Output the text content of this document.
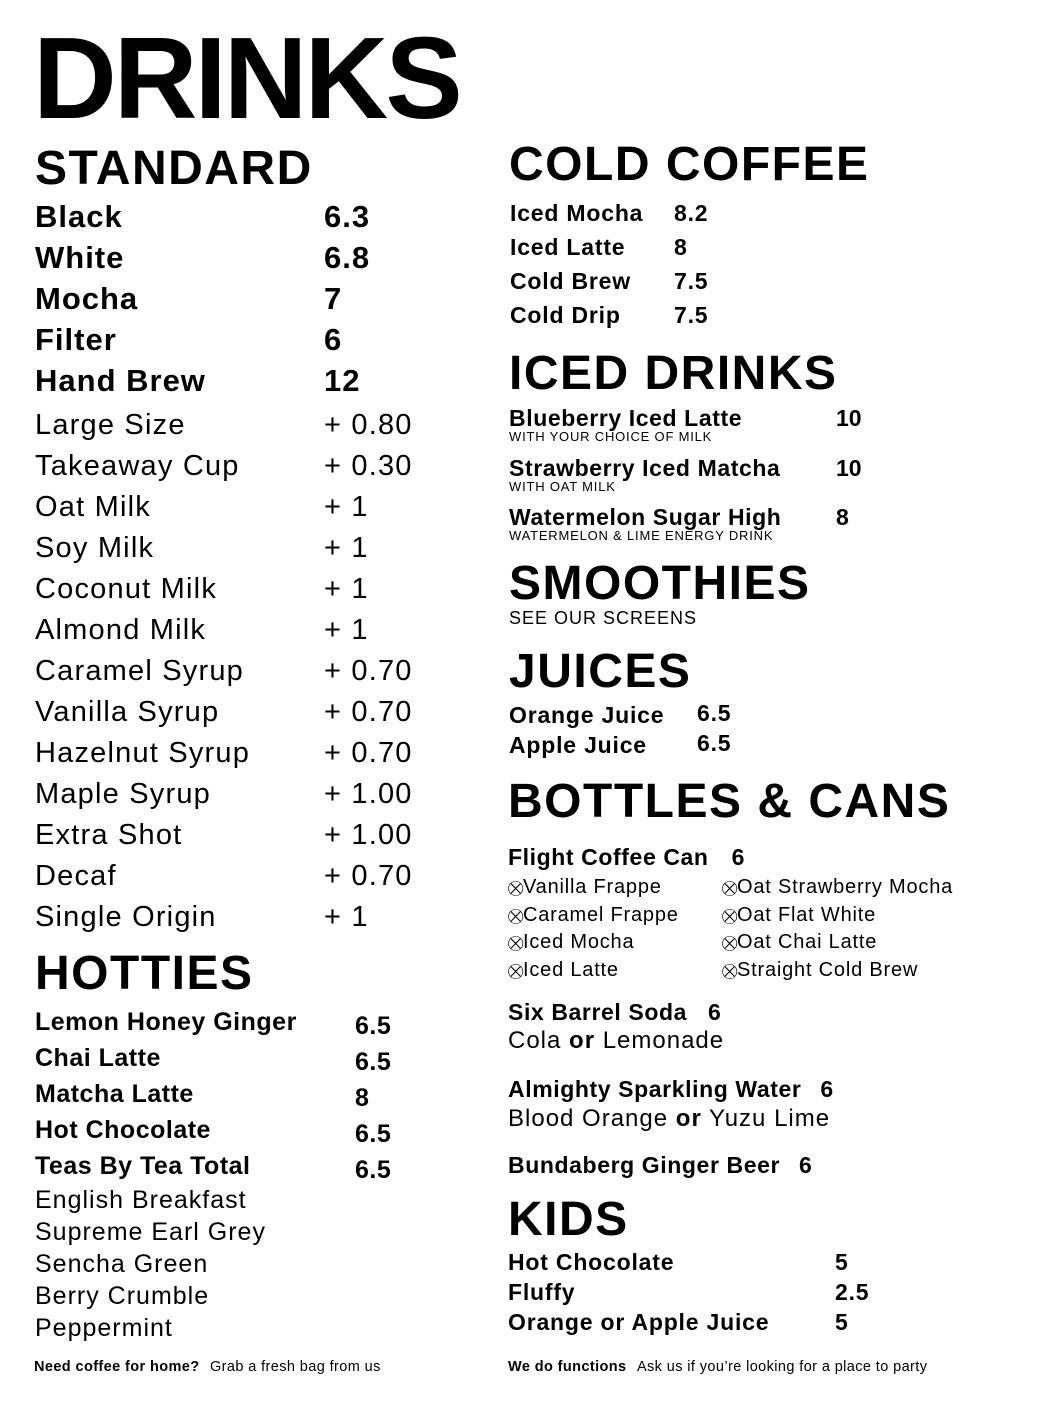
DRINKS
STANDARD
Black	6.3
White	6.8
Mocha	7
Filter	6
Hand Brew	12
Large Size	+ 0.80
Takeaway Cup	+ 0.30
Oat Milk	+ 1
Soy Milk	+ 1
Coconut Milk	+ 1
Almond Milk	+ 1
Caramel Syrup	+ 0.70
Vanilla Syrup	+ 0.70
Hazelnut Syrup	+ 0.70
Maple Syrup	+ 1.00
Extra Shot	+ 1.00
Decaf	+ 0.70
Single Origin	+ 1
HOTTIES
Lemon Honey Ginger 6.5
Chai Latte	6.5
Matcha Latte	8
Hot Chocolate	6.5
Teas By Tea Total	6.5
English Breakfast
Supreme Earl Grey
Sencha Green
Berry Crumble
Peppermint
COLD COFFEE
Iced Mocha 8.2
Iced Latte 8
Cold Brew 7.5
Cold Drip 7.5
ICED DRINKS
Blueberry Iced Latte
WITH YOUR CHOICE OF MILK
10
Strawberry Iced Matcha
WITH OAT MILK
10
Watermelon Sugar High
WATERMELON & LIME ENERGY DRINK
8
SMOOTHIES
SEE OUR SCREENS
JUICES
Orange Juice 6.5
Apple Juice 6.5
BOTTLES & CANS
Flight Coffee Can 6
⛒Vanilla Frappe
⛒Caramel Frappe
⛒Iced Mocha
⛒Iced Latte
⛒Oat Strawberry Mocha
⛒Oat Flat White
⛒Oat Chai Latte
⛒Straight Cold Brew
Six Barrel Soda 6
Cola or Lemonade
Almighty Sparkling Water 6
Blood Orange or Yuzu Lime
Bundaberg Ginger Beer 6
KIDS
Hot Chocolate	5
Fluffy	2.5
Orange or Apple Juice	5
Need coffee for home? Grab a fresh bag from us	We do functions Ask us if you’re looking for a place to party
